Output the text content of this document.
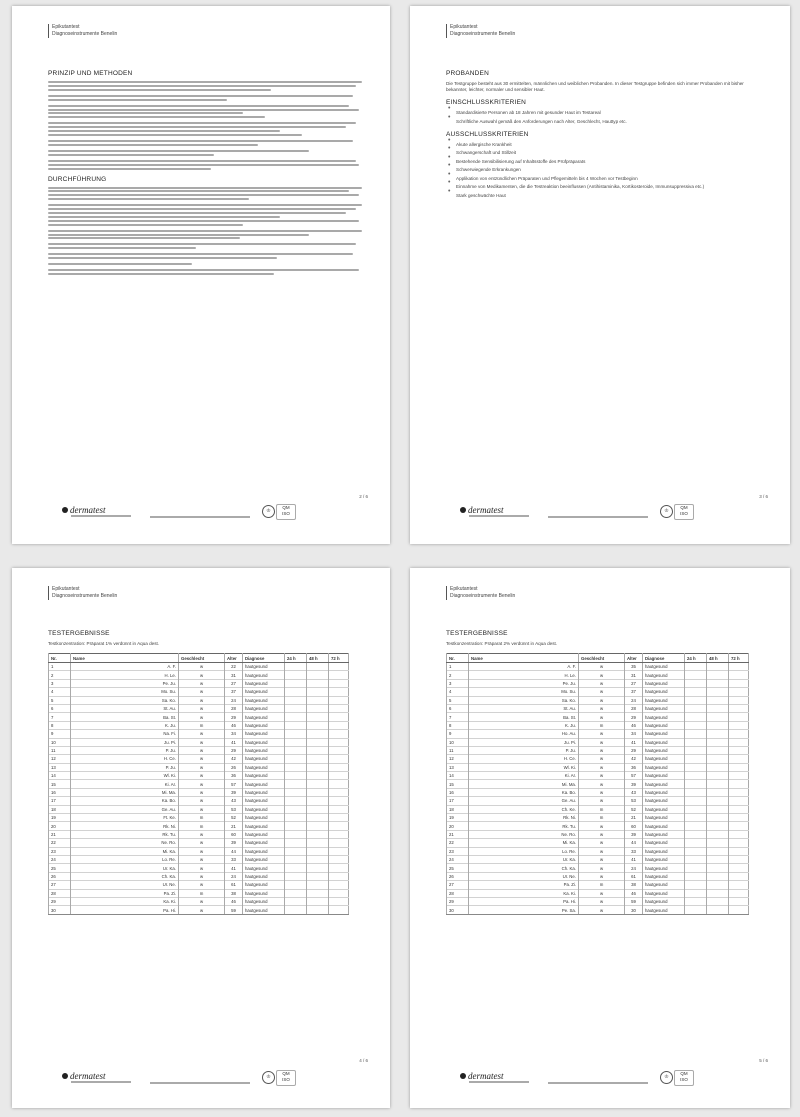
Epikutantest
Diagnoseinstrumente Benelin
PRINZIP UND METHODEN

DURCHFÜHRUNG

2 / 6
dermatest	♔
QM
ISO
Epikutantest
Diagnoseinstrumente Benelin
PROBANDEN
Die Testgruppe besteht aus 30 ermittelten, männlichen und weiblichen Probanden. In dieser Testgruppe befinden sich immer Probanden mit bisher bekannter, leichter, normaler und sensibler Haut.
EINSCHLUSSKRITERIEN
• Standardisierte Personen ab 18 Jahren mit gesunder Haut im Testareal
• Schriftliche Auswahl gemäß den Anforderungen nach Alter, Geschlecht, Hauttyp etc.
AUSSCHLUSSKRITERIEN
• Akute allergische Krankheit
• Schwangerschaft und Stillzeit
• Bestehende Sensibilisierung auf Inhaltsstoffe des Prüfpräparats
• Schwerwiegende Erkrankungen
• Applikation von entzündlichen Präparaten und Pflegemitteln bis 4 Wochen vor Testbeginn
• Einnahme von Medikamenten, die die Testreaktion beeinflussen (Antihistaminika, Kortikosteroide, Immunsuppressiva etc.)
• Stark geschwächte Haut
3 / 6
dermatest	♔
QM
ISO
Epikutantest
Diagnoseinstrumente Benelin
TESTERGEBNISSE
Testkonzentration: Präparat 1% verdünnt in Aqua dest.
Nr.	Name	Geschlecht	Alter	Diagnose	24 h	48 h	72 h
1	A. F.	w	22	hautgesund			
2	H. Le.	w	31	hautgesund			
3	Pe. Ju.	w	27	hautgesund			
4	Mo. Su.	w	37	hautgesund			
5	Sa. Ko.	w	24	hautgesund			
6	St. Au.	w	28	hautgesund			
7	Ba. St.	w	29	hautgesund			
8	K. Ju.	m	46	hautgesund			
9	Na. Fi.	w	34	hautgesund			
10	Ju. Pi.	w	41	hautgesund			
11	P. Ju.	w	29	hautgesund			
12	H. Ce.	w	42	hautgesund			
13	P. Ju.	w	26	hautgesund			
14	Wl. Ki.	w	36	hautgesund			
15	Ki. Ar.	w	57	hautgesund			
16	Mi. Ma.	w	39	hautgesund			
17	Ka. Bo.	w	43	hautgesund			
18	Ge. Au.	w	53	hautgesund			
19	Ft. Ke.	m	52	hautgesund			
20	Rk. Ni.	m	21	hautgesund			
21	Rk. Tu.	w	60	hautgesund			
22	Ne. Ro.	w	39	hautgesund			
23	Mi. Ka.	w	44	hautgesund			
24	Lo. Re.	w	33	hautgesund			
25	Ur. Ka.	w	41	hautgesund			
26	Ch. Ka.	w	24	hautgesund			
27	Ur. Ne.	w	61	hautgesund			
28	Pa. Zi.	m	38	hautgesund			
29	Ka. Ki.	w	46	hautgesund			
30	Pa. Hi.	w	59	hautgesund			
4 / 6
dermatest	♔
QM
ISO
Epikutantest
Diagnoseinstrumente Benelin
TESTERGEBNISSE
Testkonzentration: Präparat 2% verdünnt in Aqua dest.
Nr.	Name	Geschlecht	Alter	Diagnose	24 h	48 h	72 h
1	A. F.	w	35	hautgesund			
2	H. Le.	w	31	hautgesund			
3	Pe. Ju.	w	27	hautgesund			
4	Mo. Su.	w	37	hautgesund			
5	Sa. Ko.	w	24	hautgesund			
6	St. Au.	w	28	hautgesund			
7	Ba. St.	w	29	hautgesund			
8	K. Ju.	m	46	hautgesund			
9	Ho. Au.	w	34	hautgesund			
10	Ju. Pi.	w	41	hautgesund			
11	P. Ju.	w	29	hautgesund			
12	H. Ce.	w	42	hautgesund			
13	Wl. Ki.	w	36	hautgesund			
14	Ki. Ar.	w	57	hautgesund			
15	Mi. Ma.	w	39	hautgesund			
16	Ka. Bo.	w	43	hautgesund			
17	Ge. Au.	w	53	hautgesund			
18	Ch. Ke.	m	52	hautgesund			
19	Rk. Ni.	m	21	hautgesund			
20	Rk. Tu.	w	60	hautgesund			
21	Ne. Ro.	w	39	hautgesund			
22	Mi. Ka.	w	44	hautgesund			
23	Lo. Re.	w	33	hautgesund			
24	Ur. Ka.	w	41	hautgesund			
25	Ch. Ka.	w	24	hautgesund			
26	Ur. Ne.	w	61	hautgesund			
27	Pa. Zi.	m	38	hautgesund			
28	Ka. Ki.	w	46	hautgesund			
29	Pa. Hi.	w	59	hautgesund			
30	Pe. Sa.	w	30	hautgesund			
5 / 6
dermatest	♔
QM
ISO
